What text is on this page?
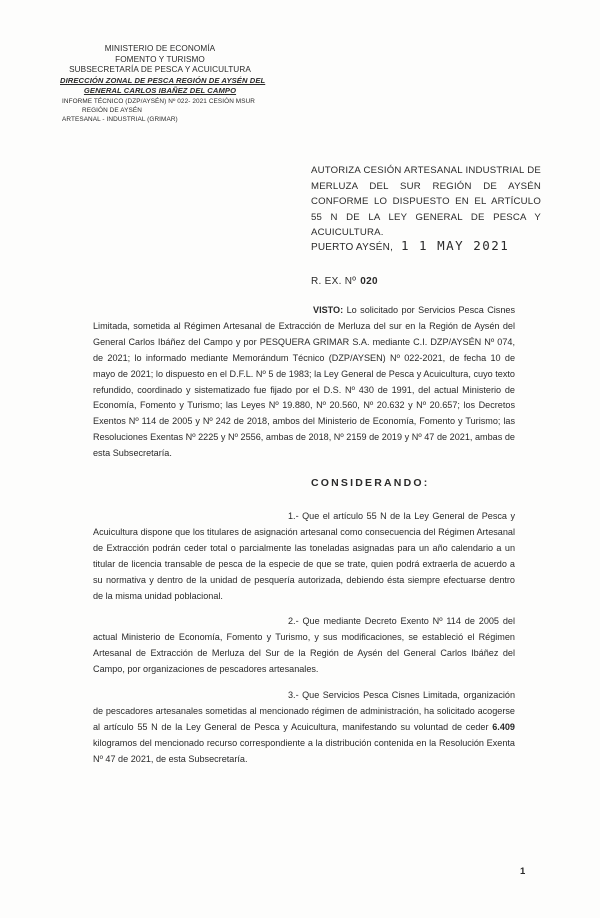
MINISTERIO DE ECONOMÍA
FOMENTO Y TURISMO
SUBSECRETARÍA DE PESCA Y ACUICULTURA
DIRECCIÓN ZONAL DE PESCA REGIÓN DE AYSÉN DEL
GENERAL CARLOS IBAÑEZ DEL CAMPO
INFORME TÉCNICO (DZP/AYSÉN) Nº 022- 2021 CESIÓN MSUR
REGIÓN DE AYSÉN
ARTESANAL - INDUSTRIAL (GRIMAR)
AUTORIZA CESIÓN ARTESANAL INDUSTRIAL DE MERLUZA DEL SUR REGIÓN DE AYSÉN CONFORME LO DISPUESTO EN EL ARTÍCULO 55 N DE LA LEY GENERAL DE PESCA Y ACUICULTURA.
PUERTO AYSÉN, 1 1 MAY 2021
R. EX. Nº 020
VISTO: Lo solicitado por Servicios Pesca Cisnes Limitada, sometida al Régimen Artesanal de Extracción de Merluza del sur en la Región de Aysén del General Carlos Ibáñez del Campo y por PESQUERA GRIMAR S.A. mediante C.I. DZP/AYSÉN Nº 074, de 2021; lo informado mediante Memorándum Técnico (DZP/AYSEN) Nº 022-2021, de fecha 10 de mayo de 2021; lo dispuesto en el D.F.L. Nº 5 de 1983; la Ley General de Pesca y Acuicultura, cuyo texto refundido, coordinado y sistematizado fue fijado por el D.S. Nº 430 de 1991, del actual Ministerio de Economía, Fomento y Turismo; las Leyes Nº 19.880, Nº 20.560, Nº 20.632 y Nº 20.657; los Decretos Exentos Nº 114 de 2005 y Nº 242 de 2018, ambos del Ministerio de Economía, Fomento y Turismo; las Resoluciones Exentas Nº 2225 y Nº 2556, ambas de 2018, Nº 2159 de 2019 y Nº 47 de 2021, ambas de esta Subsecretaría.
CONSIDERANDO:
1.- Que el artículo 55 N de la Ley General de Pesca y Acuicultura dispone que los titulares de asignación artesanal como consecuencia del Régimen Artesanal de Extracción podrán ceder total o parcialmente las toneladas asignadas para un año calendario a un titular de licencia transable de pesca de la especie de que se trate, quien podrá extraerla de acuerdo a su normativa y dentro de la unidad de pesquería autorizada, debiendo ésta siempre efectuarse dentro de la misma unidad poblacional.
2.- Que mediante Decreto Exento Nº 114 de 2005 del actual Ministerio de Economía, Fomento y Turismo, y sus modificaciones, se estableció el Régimen Artesanal de Extracción de Merluza del Sur de la Región de Aysén del General Carlos Ibáñez del Campo, por organizaciones de pescadores artesanales.
3.- Que Servicios Pesca Cisnes Limitada, organización de pescadores artesanales sometidas al mencionado régimen de administración, ha solicitado acogerse al artículo 55 N de la Ley General de Pesca y Acuicultura, manifestando su voluntad de ceder 6.409 kilogramos del mencionado recurso correspondiente a la distribución contenida en la Resolución Exenta Nº 47 de 2021, de esta Subsecretaría.
1
